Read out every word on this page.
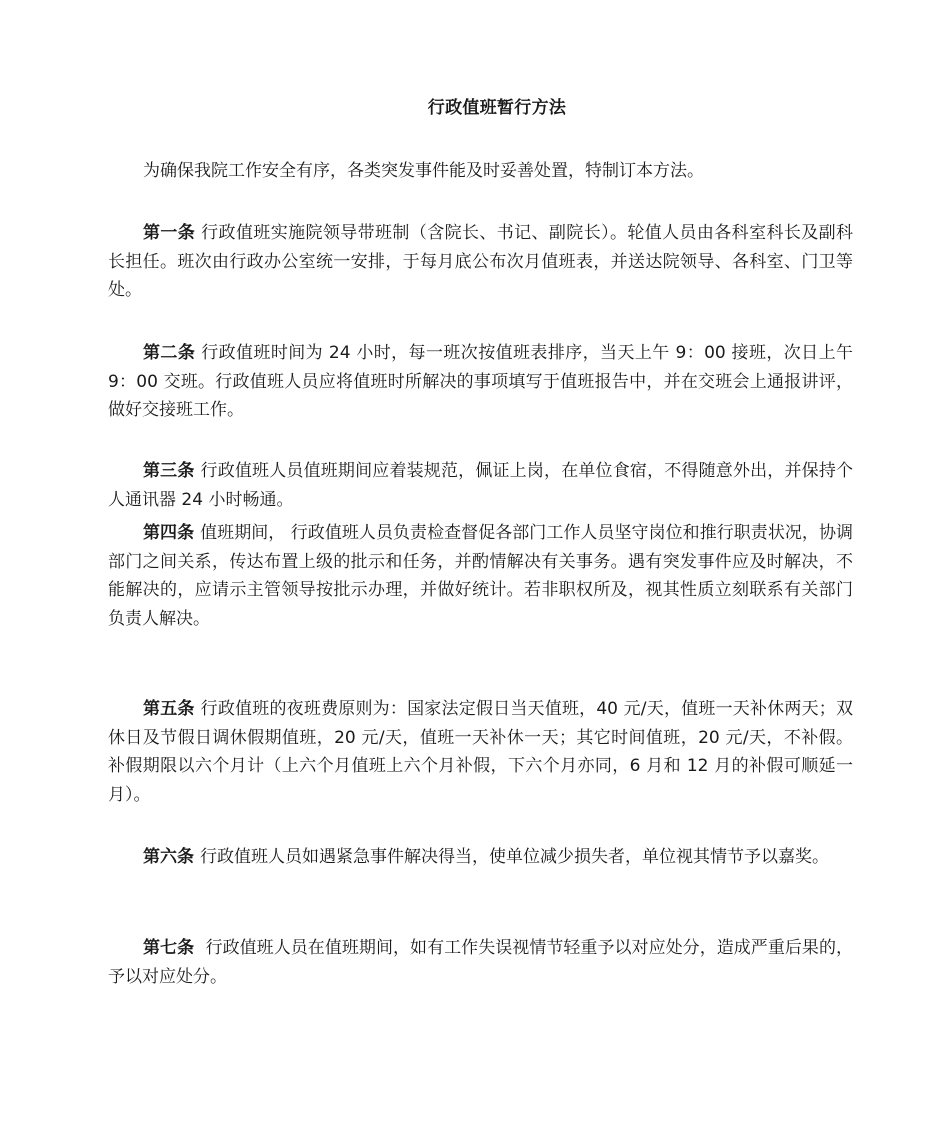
行政值班暂行方法
为确保我院工作安全有序，各类突发事件能及时妥善处置，特制订本方法。
第一条 行政值班实施院领导带班制（含院长、书记、副院长）。轮值人员由各科室科长及副科长担任。班次由行政办公室统一安排，于每月底公布次月值班表，并送达院领导、各科室、门卫等处。
第二条 行政值班时间为 24 小时，每一班次按值班表排序，当天上午 9：00 接班，次日上午 9：00 交班。行政值班人员应将值班时所解决的事项填写于值班报告中，并在交班会上通报讲评，做好交接班工作。
第三条 行政值班人员值班期间应着装规范，佩证上岗，在单位食宿，不得随意外出，并保持个人通讯器 24 小时畅通。
第四条 值班期间， 行政值班人员负责检查督促各部门工作人员坚守岗位和推行职责状况，协调部门之间关系，传达布置上级的批示和任务，并酌情解决有关事务。遇有突发事件应及时解决，不能解决的，应请示主管领导按批示办理，并做好统计。若非职权所及，视其性质立刻联系有关部门负责人解决。
第五条 行政值班的夜班费原则为：国家法定假日当天值班，40 元/天，值班一天补休两天；双休日及节假日调休假期值班，20 元/天，值班一天补休一天；其它时间值班，20 元/天，不补假。补假期限以六个月计（上六个月值班上六个月补假，下六个月亦同，6 月和 12 月的补假可顺延一月）。
第六条 行政值班人员如遇紧急事件解决得当，使单位减少损失者，单位视其情节予以嘉奖。
第七条 行政值班人员在值班期间，如有工作失误视情节轻重予以对应处分，造成严重后果的，予以对应处分。
